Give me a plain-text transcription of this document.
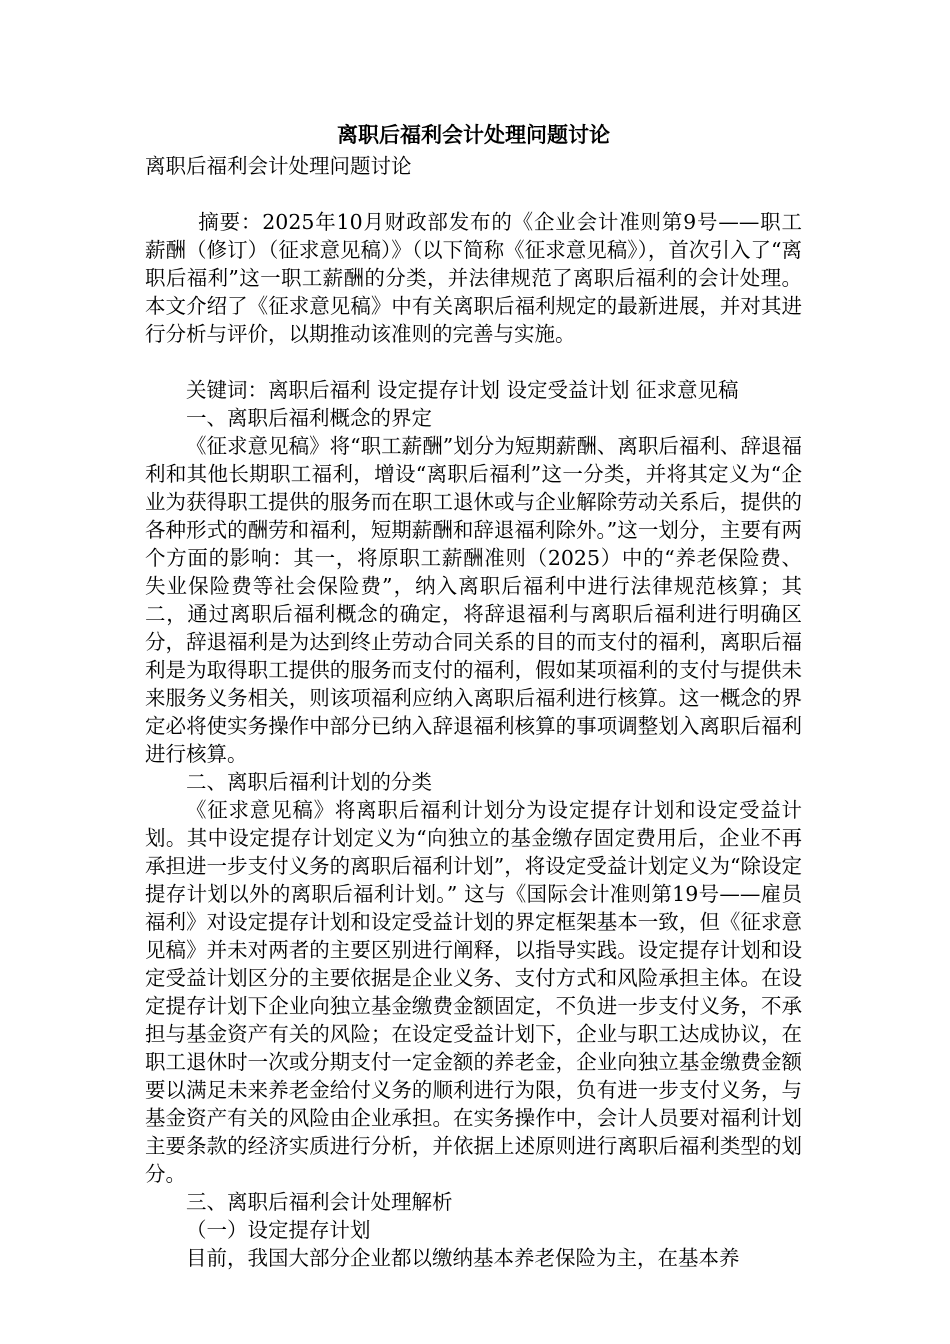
离职后福利会计处理问题讨论

离职后福利会计处理问题讨论

摘要：2025年10月财政部发布的《企业会计准则第9号——职工薪酬（修订）（征求意见稿）》（以下简称《征求意见稿》），首次引入了“离职后福利”这一职工薪酬的分类，并法律规范了离职后福利的会计处理。本文介绍了《征求意见稿》中有关离职后福利规定的最新进展，并对其进行分析与评价，以期推动该准则的完善与实施。

关键词：离职后福利 设定提存计划 设定受益计划 征求意见稿

一、离职后福利概念的界定

《征求意见稿》将“职工薪酬”划分为短期薪酬、离职后福利、辞退福利和其他长期职工福利，增设“离职后福利”这一分类，并将其定义为“企业为获得职工提供的服务而在职工退休或与企业解除劳动关系后，提供的各种形式的酬劳和福利，短期薪酬和辞退福利除外。”这一划分，主要有两个方面的影响：其一，将原职工薪酬准则（2025）中的“养老保险费、失业保险费等社会保险费”，纳入离职后福利中进行法律规范核算；其二，通过离职后福利概念的确定，将辞退福利与离职后福利进行明确区分，辞退福利是为达到终止劳动合同关系的目的而支付的福利，离职后福利是为取得职工提供的服务而支付的福利，假如某项福利的支付与提供未来服务义务相关，则该项福利应纳入离职后福利进行核算。这一概念的界定必将使实务操作中部分已纳入辞退福利核算的事项调整划入离职后福利进行核算。

二、离职后福利计划的分类

《征求意见稿》将离职后福利计划分为设定提存计划和设定受益计划。其中设定提存计划定义为“向独立的基金缴存固定费用后，企业不再承担进一步支付义务的离职后福利计划”，将设定受益计划定义为“除设定提存计划以外的离职后福利计划。” 这与《国际会计准则第19号——雇员福利》对设定提存计划和设定受益计划的界定框架基本一致，但《征求意见稿》并未对两者的主要区别进行阐释，以指导实践。设定提存计划和设定受益计划区分的主要依据是企业义务、支付方式和风险承担主体。在设定提存计划下企业向独立基金缴费金额固定，不负进一步支付义务，不承担与基金资产有关的风险；在设定受益计划下，企业与职工达成协议，在职工退休时一次或分期支付一定金额的养老金，企业向独立基金缴费金额要以满足未来养老金给付义务的顺利进行为限，负有进一步支付义务，与基金资产有关的风险由企业承担。在实务操作中，会计人员要对福利计划主要条款的经济实质进行分析，并依据上述原则进行离职后福利类型的划分。

三、离职后福利会计处理解析

（一）设定提存计划

目前，我国大部分企业都以缴纳基本养老保险为主，在基本养
